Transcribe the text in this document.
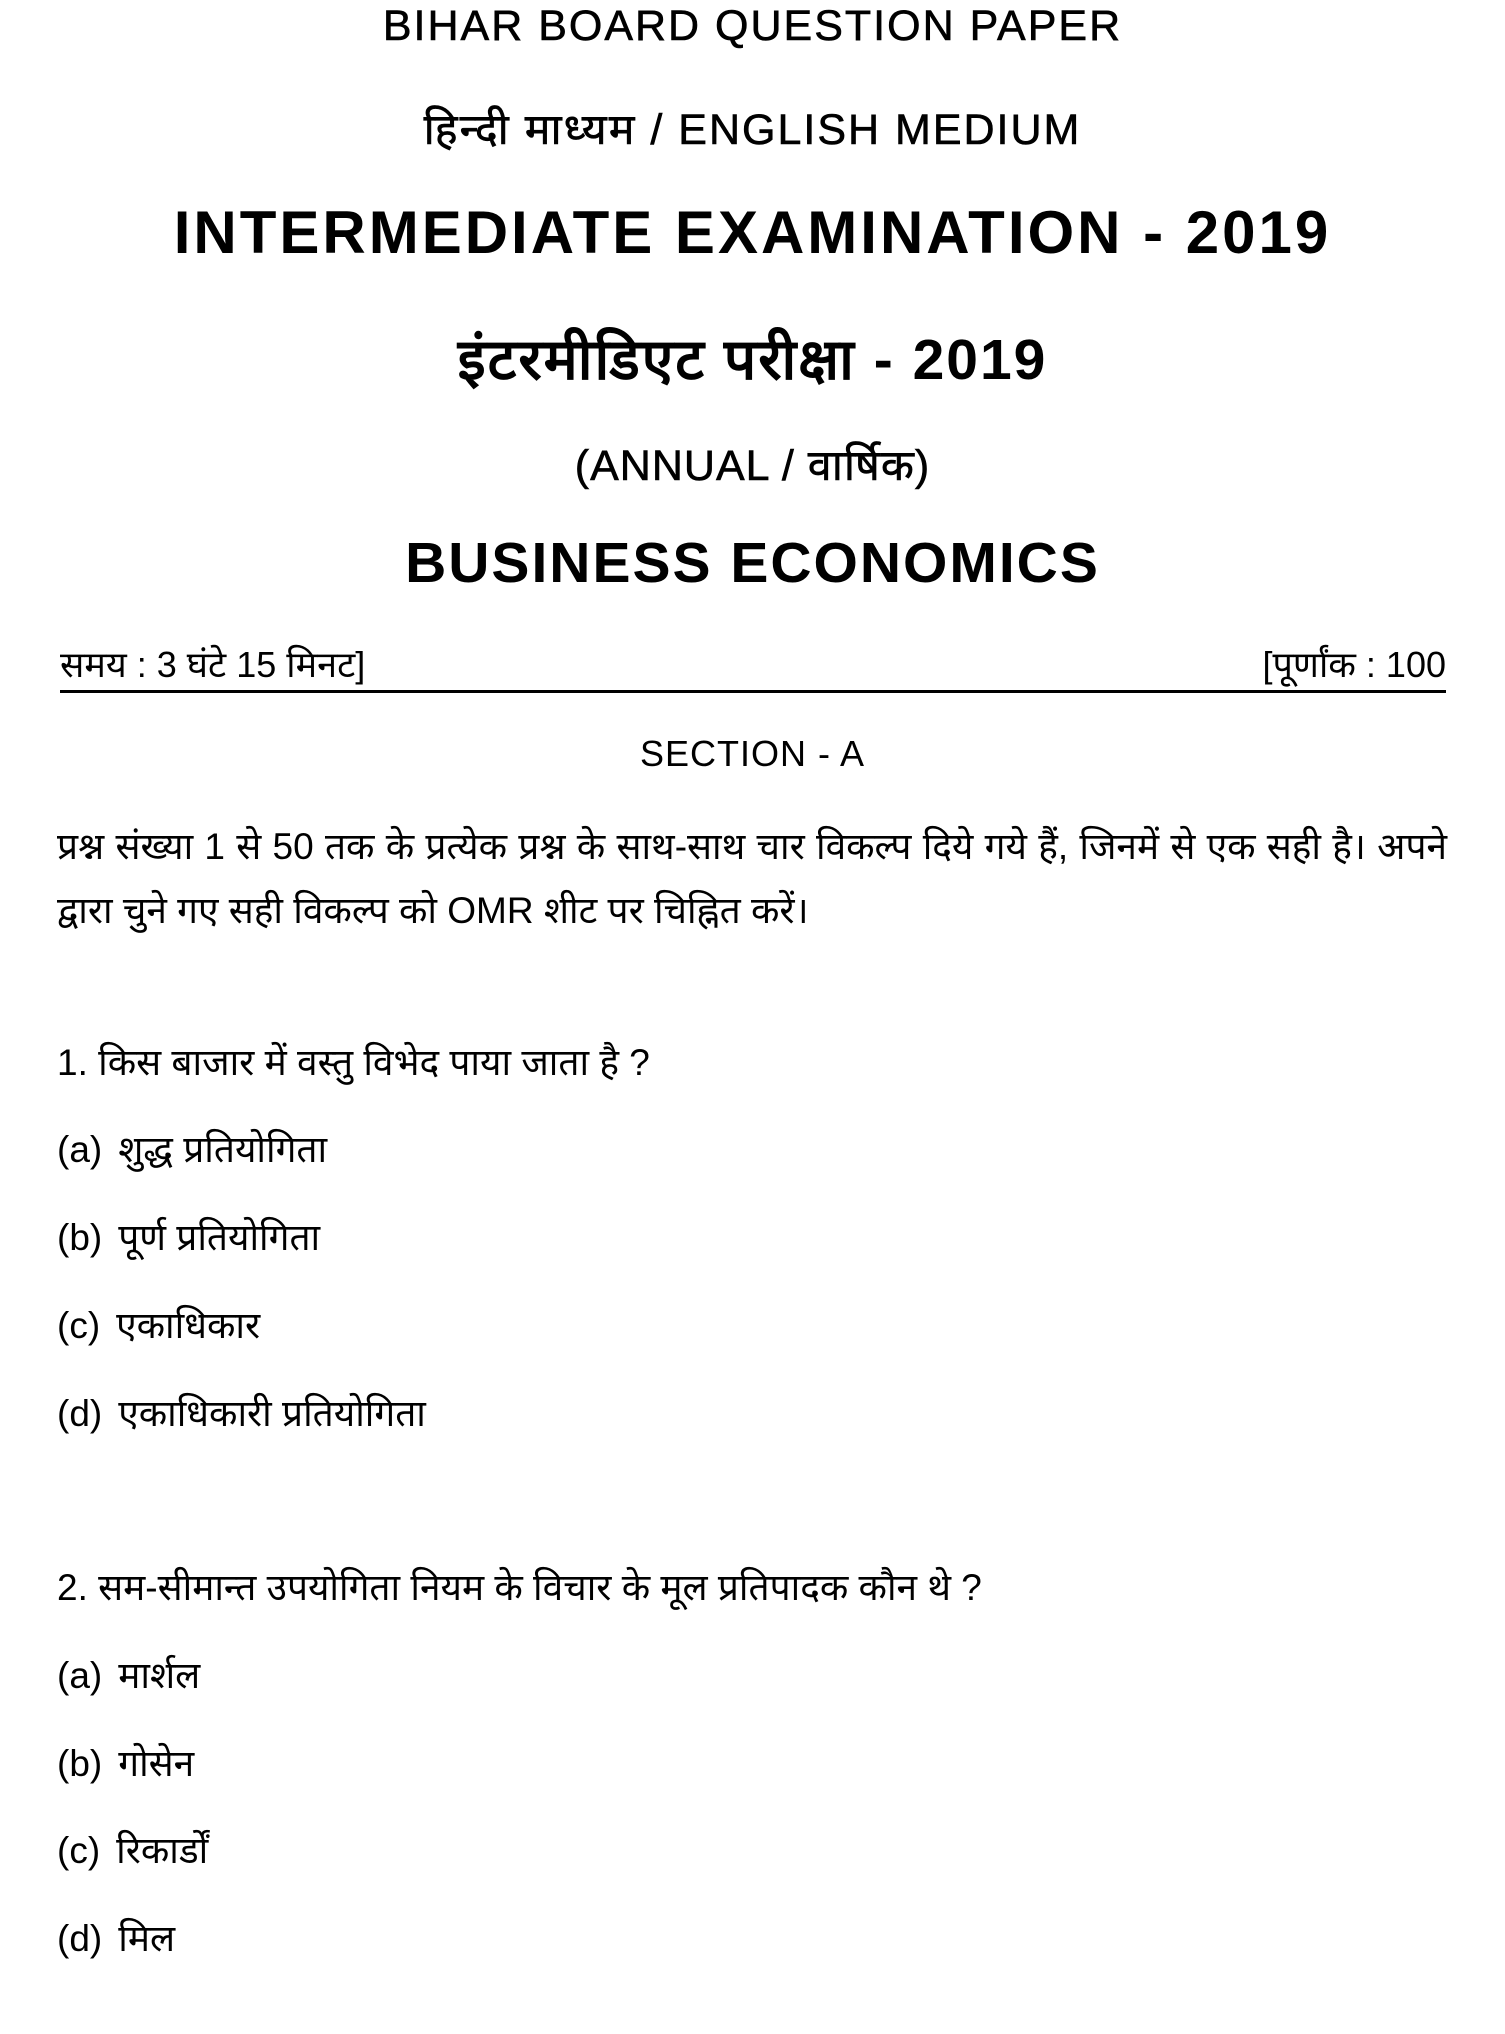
BIHAR BOARD QUESTION PAPER
हिन्दी माध्यम / ENGLISH MEDIUM
INTERMEDIATE EXAMINATION - 2019
इंटरमीडिएट परीक्षा - 2019
(ANNUAL / वार्षिक)
BUSINESS ECONOMICS
समय : 3 घंटे 15 मिनट]	[पूर्णांक : 100
SECTION - A
प्रश्न संख्या 1 से 50 तक के प्रत्येक प्रश्न के साथ-साथ चार विकल्प दिये गये हैं, जिनमें से एक सही है। अपने द्वारा चुने गए सही विकल्प को OMR शीट पर चिह्नित करें।
1. किस बाजार में वस्तु विभेद पाया जाता है ?
(a) शुद्ध प्रतियोगिता
(b) पूर्ण प्रतियोगिता
(c) एकाधिकार
(d) एकाधिकारी प्रतियोगिता
2. सम-सीमान्त उपयोगिता नियम के विचार के मूल प्रतिपादक कौन थे ?
(a) मार्शल
(b) गोसेन
(c) रिकार्डों
(d) मिल
